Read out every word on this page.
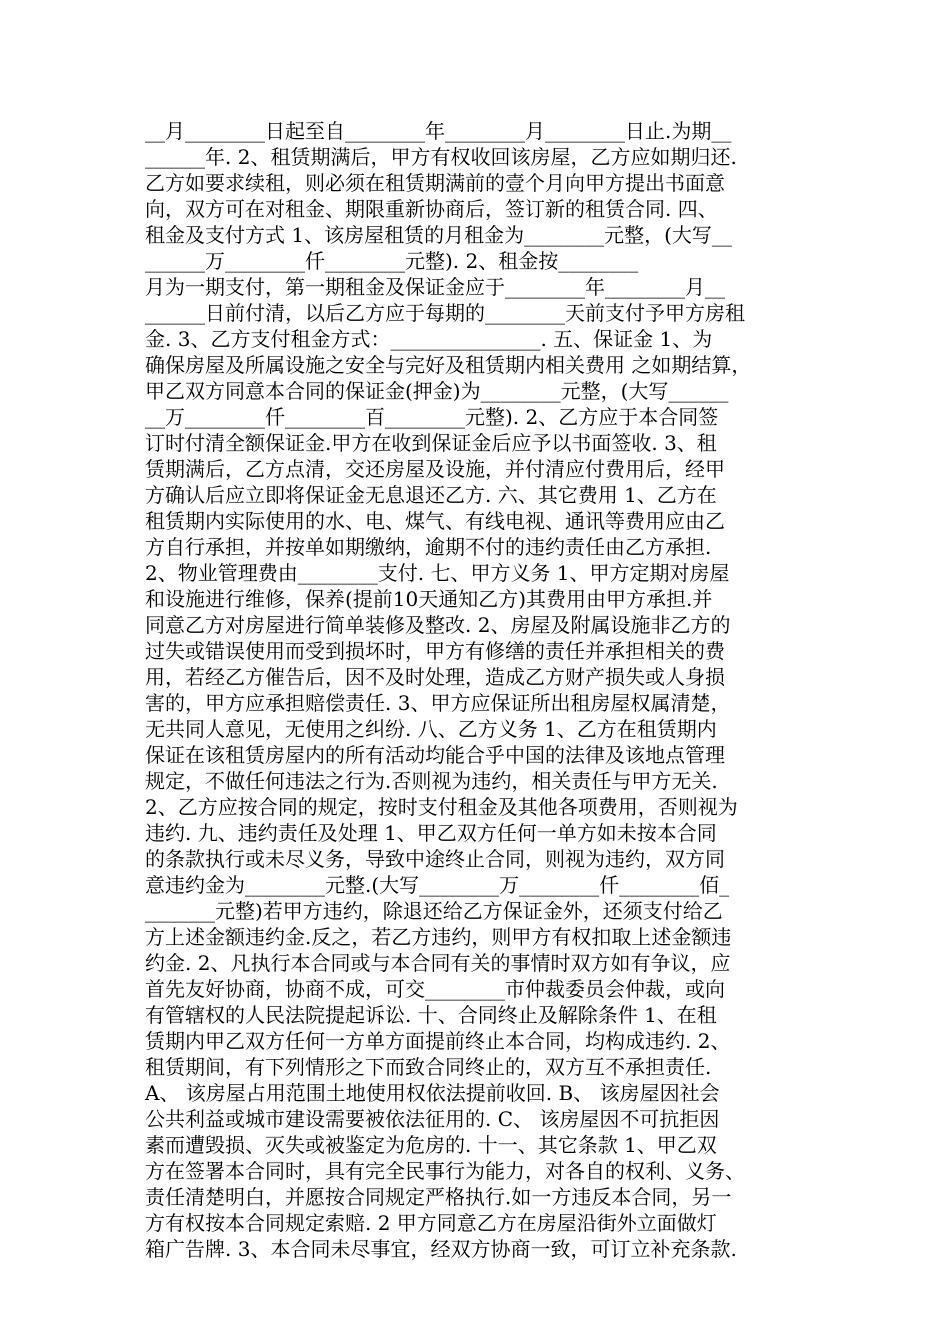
__月________日起至自________年________月________日止.为期__
______年. 2、租赁期满后，甲方有权收回该房屋，乙方应如期归还.
乙方如要求续租，则必须在租赁期满前的壹个月向甲方提出书面意
向，双方可在对租金、期限重新协商后，签订新的租赁合同. 四、
租金及支付方式 1、该房屋租赁的月租金为________元整，(大写__
______万________仟________元整). 2、租金按________
月为一期支付，第一期租金及保证金应于________年________月__
______日前付清，以后乙方应于每期的________天前支付予甲方房租
金. 3、乙方支付租金方式：_______________. 五、保证金 1、为
确保房屋及所属设施之安全与完好及租赁期内相关费用 之如期结算，
甲乙双方同意本合同的保证金(押金)为________元整，(大写______
__万________仟________百________元整). 2、乙方应于本合同签
订时付清全额保证金.甲方在收到保证金后应予以书面签收. 3、租
赁期满后，乙方点清，交还房屋及设施，并付清应付费用后，经甲
方确认后应立即将保证金无息退还乙方. 六、其它费用 1、乙方在
租赁期内实际使用的水、电、煤气、有线电视、通讯等费用应由乙
方自行承担，并按单如期缴纳，逾期不付的违约责任由乙方承担.
2、物业管理费由________支付. 七、甲方义务 1、甲方定期对房屋
和设施进行维修，保养(提前10天通知乙方)其费用由甲方承担.并
同意乙方对房屋进行简单装修及整改. 2、房屋及附属设施非乙方的
过失或错误使用而受到损坏时，甲方有修缮的责任并承担相关的费
用，若经乙方催告后，因不及时处理，造成乙方财产损失或人身损
害的，甲方应承担赔偿责任. 3、甲方应保证所出租房屋权属清楚，
无共同人意见，无使用之纠纷. 八、乙方义务 1、乙方在租赁期内
保证在该租赁房屋内的所有活动均能合乎中国的法律及该地点管理
规定，不做任何违法之行为.否则视为违约，相关责任与甲方无关.
2、乙方应按合同的规定，按时支付租金及其他各项费用，否则视为
违约. 九、违约责任及处理 1、甲乙双方任何一单方如未按本合同
的条款执行或未尽义务，导致中途终止合同，则视为违约，双方同
意违约金为________元整.(大写________万________仟________佰_
_______元整)若甲方违约，除退还给乙方保证金外，还须支付给乙
方上述金额违约金.反之，若乙方违约，则甲方有权扣取上述金额违
约金. 2、凡执行本合同或与本合同有关的事情时双方如有争议，应
首先友好协商，协商不成，可交________市仲裁委员会仲裁，或向
有管辖权的人民法院提起诉讼. 十、合同终止及解除条件 1、在租
赁期内甲乙双方任何一方单方面提前终止本合同，均构成违约. 2、
租赁期间，有下列情形之下而致合同终止的，双方互不承担责任.
A、 该房屋占用范围土地使用权依法提前收回. B、 该房屋因社会
公共利益或城市建设需要被依法征用的. C、 该房屋因不可抗拒因
素而遭毁损、灭失或被鉴定为危房的. 十一、其它条款 1、甲乙双
方在签署本合同时，具有完全民事行为能力，对各自的权利、义务、
责任清楚明白，并愿按合同规定严格执行.如一方违反本合同，另一
方有权按本合同规定索赔. 2 甲方同意乙方在房屋沿街外立面做灯
箱广告牌. 3、本合同未尽事宜，经双方协商一致，可订立补充条款.
